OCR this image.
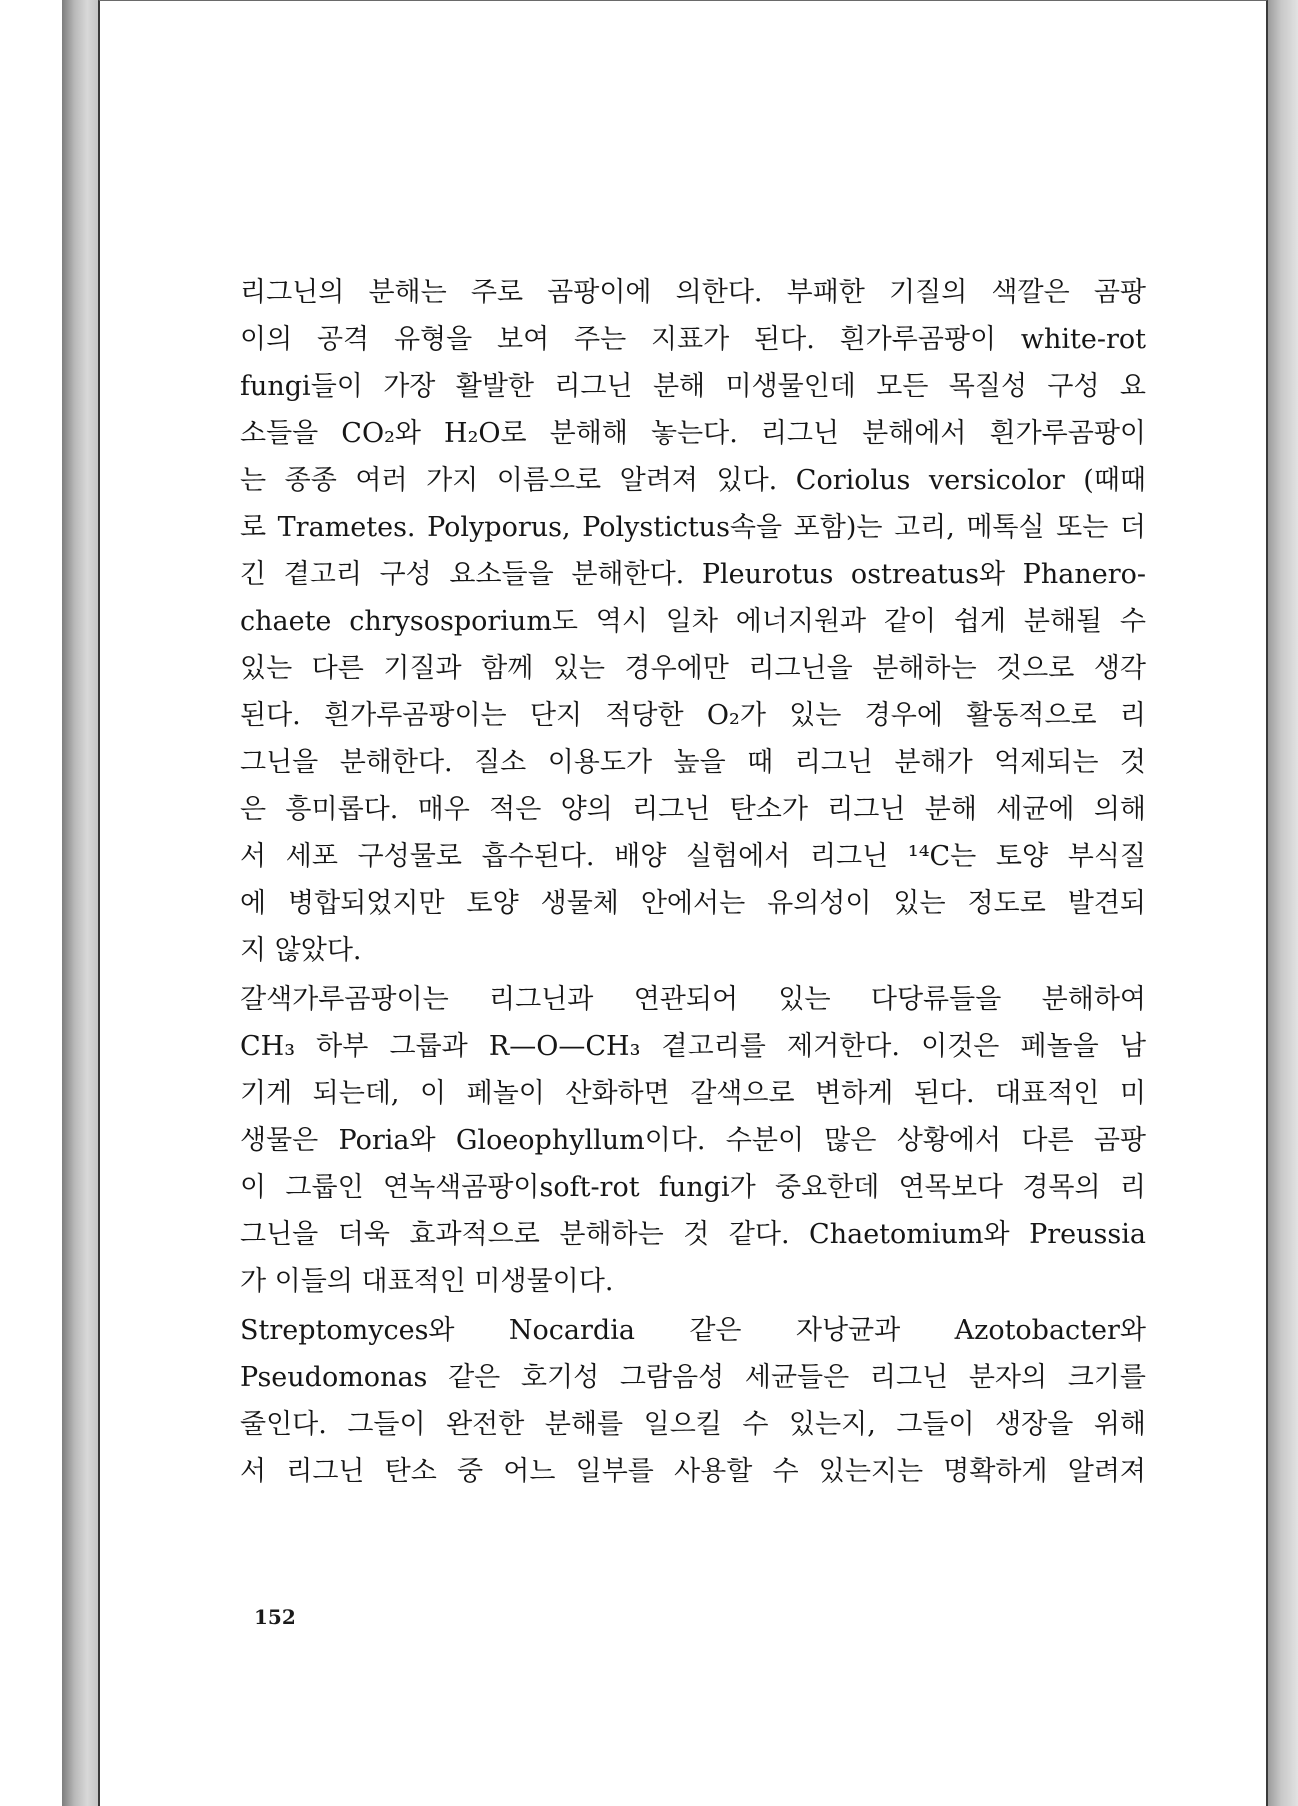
리그닌의 분해는 주로 곰팡이에 의한다. 부패한 기질의 색깔은 곰팡
이의 공격 유형을 보여 주는 지표가 된다. 흰가루곰팡이 white-rot
fungi들이 가장 활발한 리그닌 분해 미생물인데 모든 목질성 구성 요
소들을 CO₂와 H₂O로 분해해 놓는다. 리그닌 분해에서 흰가루곰팡이
는 종종 여러 가지 이름으로 알려져 있다. Coriolus versicolor (때때
로 Trametes. Polyporus, Polystictus속을 포함)는 고리, 메톡실 또는 더
긴 곁고리 구성 요소들을 분해한다. Pleurotus ostreatus와 Phanero-
chaete chrysosporium도 역시 일차 에너지원과 같이 쉽게 분해될 수
있는 다른 기질과 함께 있는 경우에만 리그닌을 분해하는 것으로 생각
된다. 흰가루곰팡이는 단지 적당한 O₂가 있는 경우에 활동적으로 리
그닌을 분해한다. 질소 이용도가 높을 때 리그닌 분해가 억제되는 것
은 흥미롭다. 매우 적은 양의 리그닌 탄소가 리그닌 분해 세균에 의해
서 세포 구성물로 흡수된다. 배양 실험에서 리그닌 ¹⁴C는 토양 부식질
에 병합되었지만 토양 생물체 안에서는 유의성이 있는 정도로 발견되
지 않았다.
갈색가루곰팡이는 리그닌과 연관되어 있는 다당류들을 분해하여
CH₃ 하부 그룹과 R—O—CH₃ 곁고리를 제거한다. 이것은 페놀을 남
기게 되는데, 이 페놀이 산화하면 갈색으로 변하게 된다. 대표적인 미
생물은 Poria와 Gloeophyllum이다. 수분이 많은 상황에서 다른 곰팡
이 그룹인 연녹색곰팡이soft-rot fungi가 중요한데 연목보다 경목의 리
그닌을 더욱 효과적으로 분해하는 것 같다. Chaetomium와 Preussia
가 이들의 대표적인 미생물이다.
Streptomyces와 Nocardia 같은 자낭균과 Azotobacter와
Pseudomonas 같은 호기성 그람음성 세균들은 리그닌 분자의 크기를
줄인다. 그들이 완전한 분해를 일으킬 수 있는지, 그들이 생장을 위해
서 리그닌 탄소 중 어느 일부를 사용할 수 있는지는 명확하게 알려져
152
